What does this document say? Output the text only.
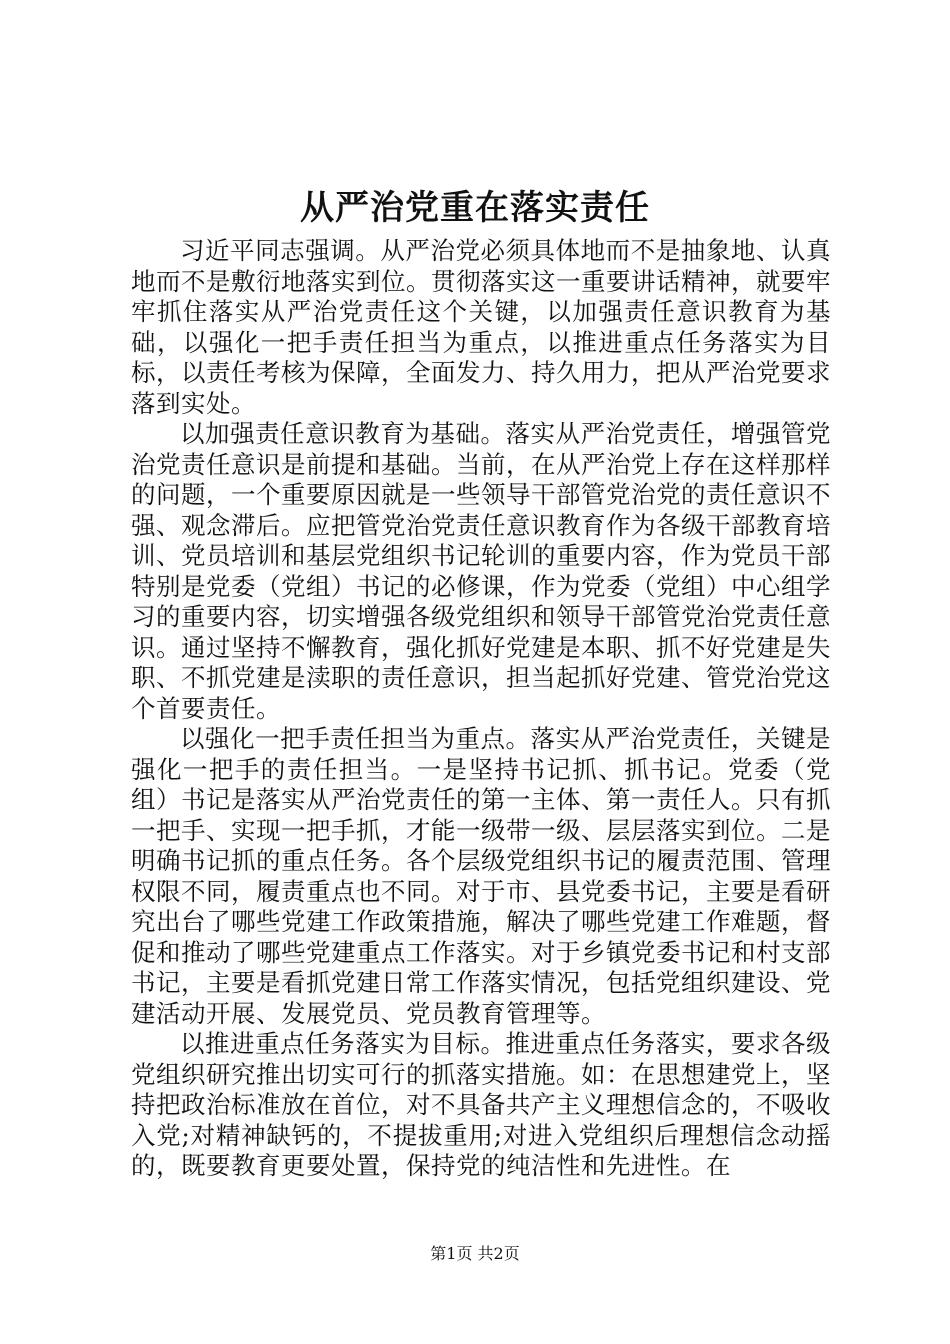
从严治党重在落实责任

习近平同志强调。从严治党必须具体地而不是抽象地、认真地而不是敷衍地落实到位。贯彻落实这一重要讲话精神，就要牢牢抓住落实从严治党责任这个关键，以加强责任意识教育为基础，以强化一把手责任担当为重点，以推进重点任务落实为目标，以责任考核为保障，全面发力、持久用力，把从严治党要求落到实处。

以加强责任意识教育为基础。落实从严治党责任，增强管党治党责任意识是前提和基础。当前，在从严治党上存在这样那样的问题，一个重要原因就是一些领导干部管党治党的责任意识不强、观念滞后。应把管党治党责任意识教育作为各级干部教育培训、党员培训和基层党组织书记轮训的重要内容，作为党员干部特别是党委（党组）书记的必修课，作为党委（党组）中心组学习的重要内容，切实增强各级党组织和领导干部管党治党责任意识。通过坚持不懈教育，强化抓好党建是本职、抓不好党建是失职、不抓党建是渎职的责任意识，担当起抓好党建、管党治党这个首要责任。

以强化一把手责任担当为重点。落实从严治党责任，关键是强化一把手的责任担当。一是坚持书记抓、抓书记。党委（党组）书记是落实从严治党责任的第一主体、第一责任人。只有抓一把手、实现一把手抓，才能一级带一级、层层落实到位。二是明确书记抓的重点任务。各个层级党组织书记的履责范围、管理权限不同，履责重点也不同。对于市、县党委书记，主要是看研究出台了哪些党建工作政策措施，解决了哪些党建工作难题，督促和推动了哪些党建重点工作落实。对于乡镇党委书记和村支部书记，主要是看抓党建日常工作落实情况，包括党组织建设、党建活动开展、发展党员、党员教育管理等。

以推进重点任务落实为目标。推进重点任务落实，要求各级党组织研究推出切实可行的抓落实措施。如：在思想建党上，坚持把政治标准放在首位，对不具备共产主义理想信念的，不吸收入党;对精神缺钙的，不提拔重用;对进入党组织后理想信念动摇的，既要教育更要处置，保持党的纯洁性和先进性。在

第1页 共2页
